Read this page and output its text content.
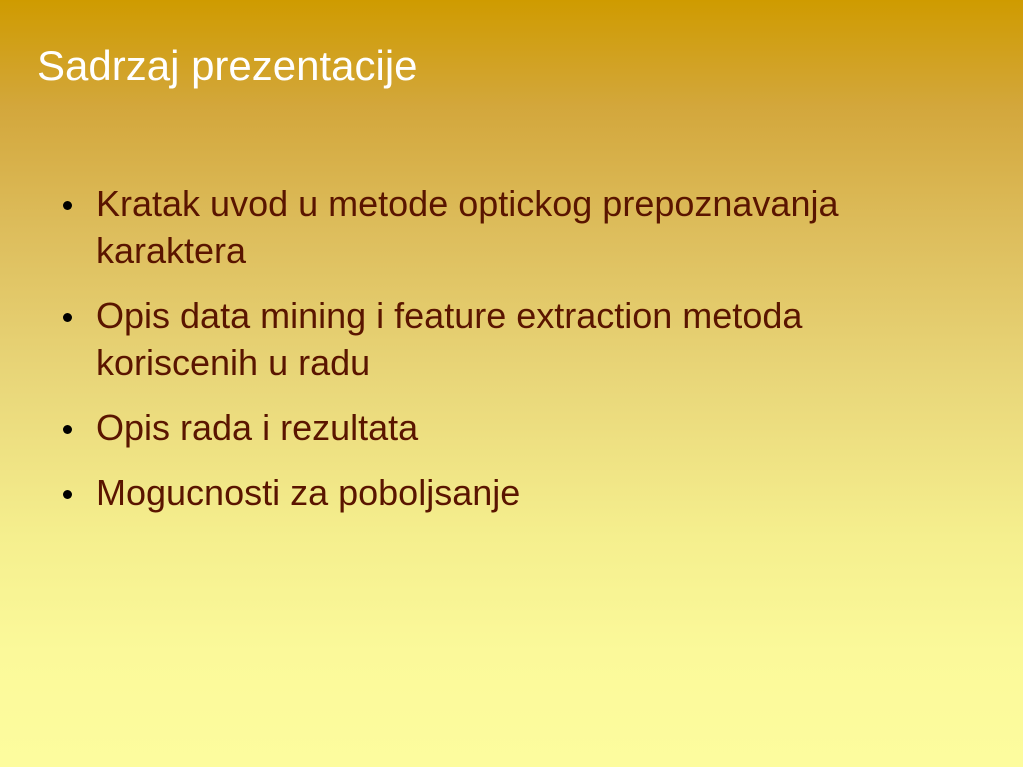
Sadrzaj prezentacije
Kratak uvod u metode optickog prepoznavanja karaktera
Opis data mining i feature extraction metoda koriscenih u radu
Opis rada i rezultata
Mogucnosti za poboljsanje
